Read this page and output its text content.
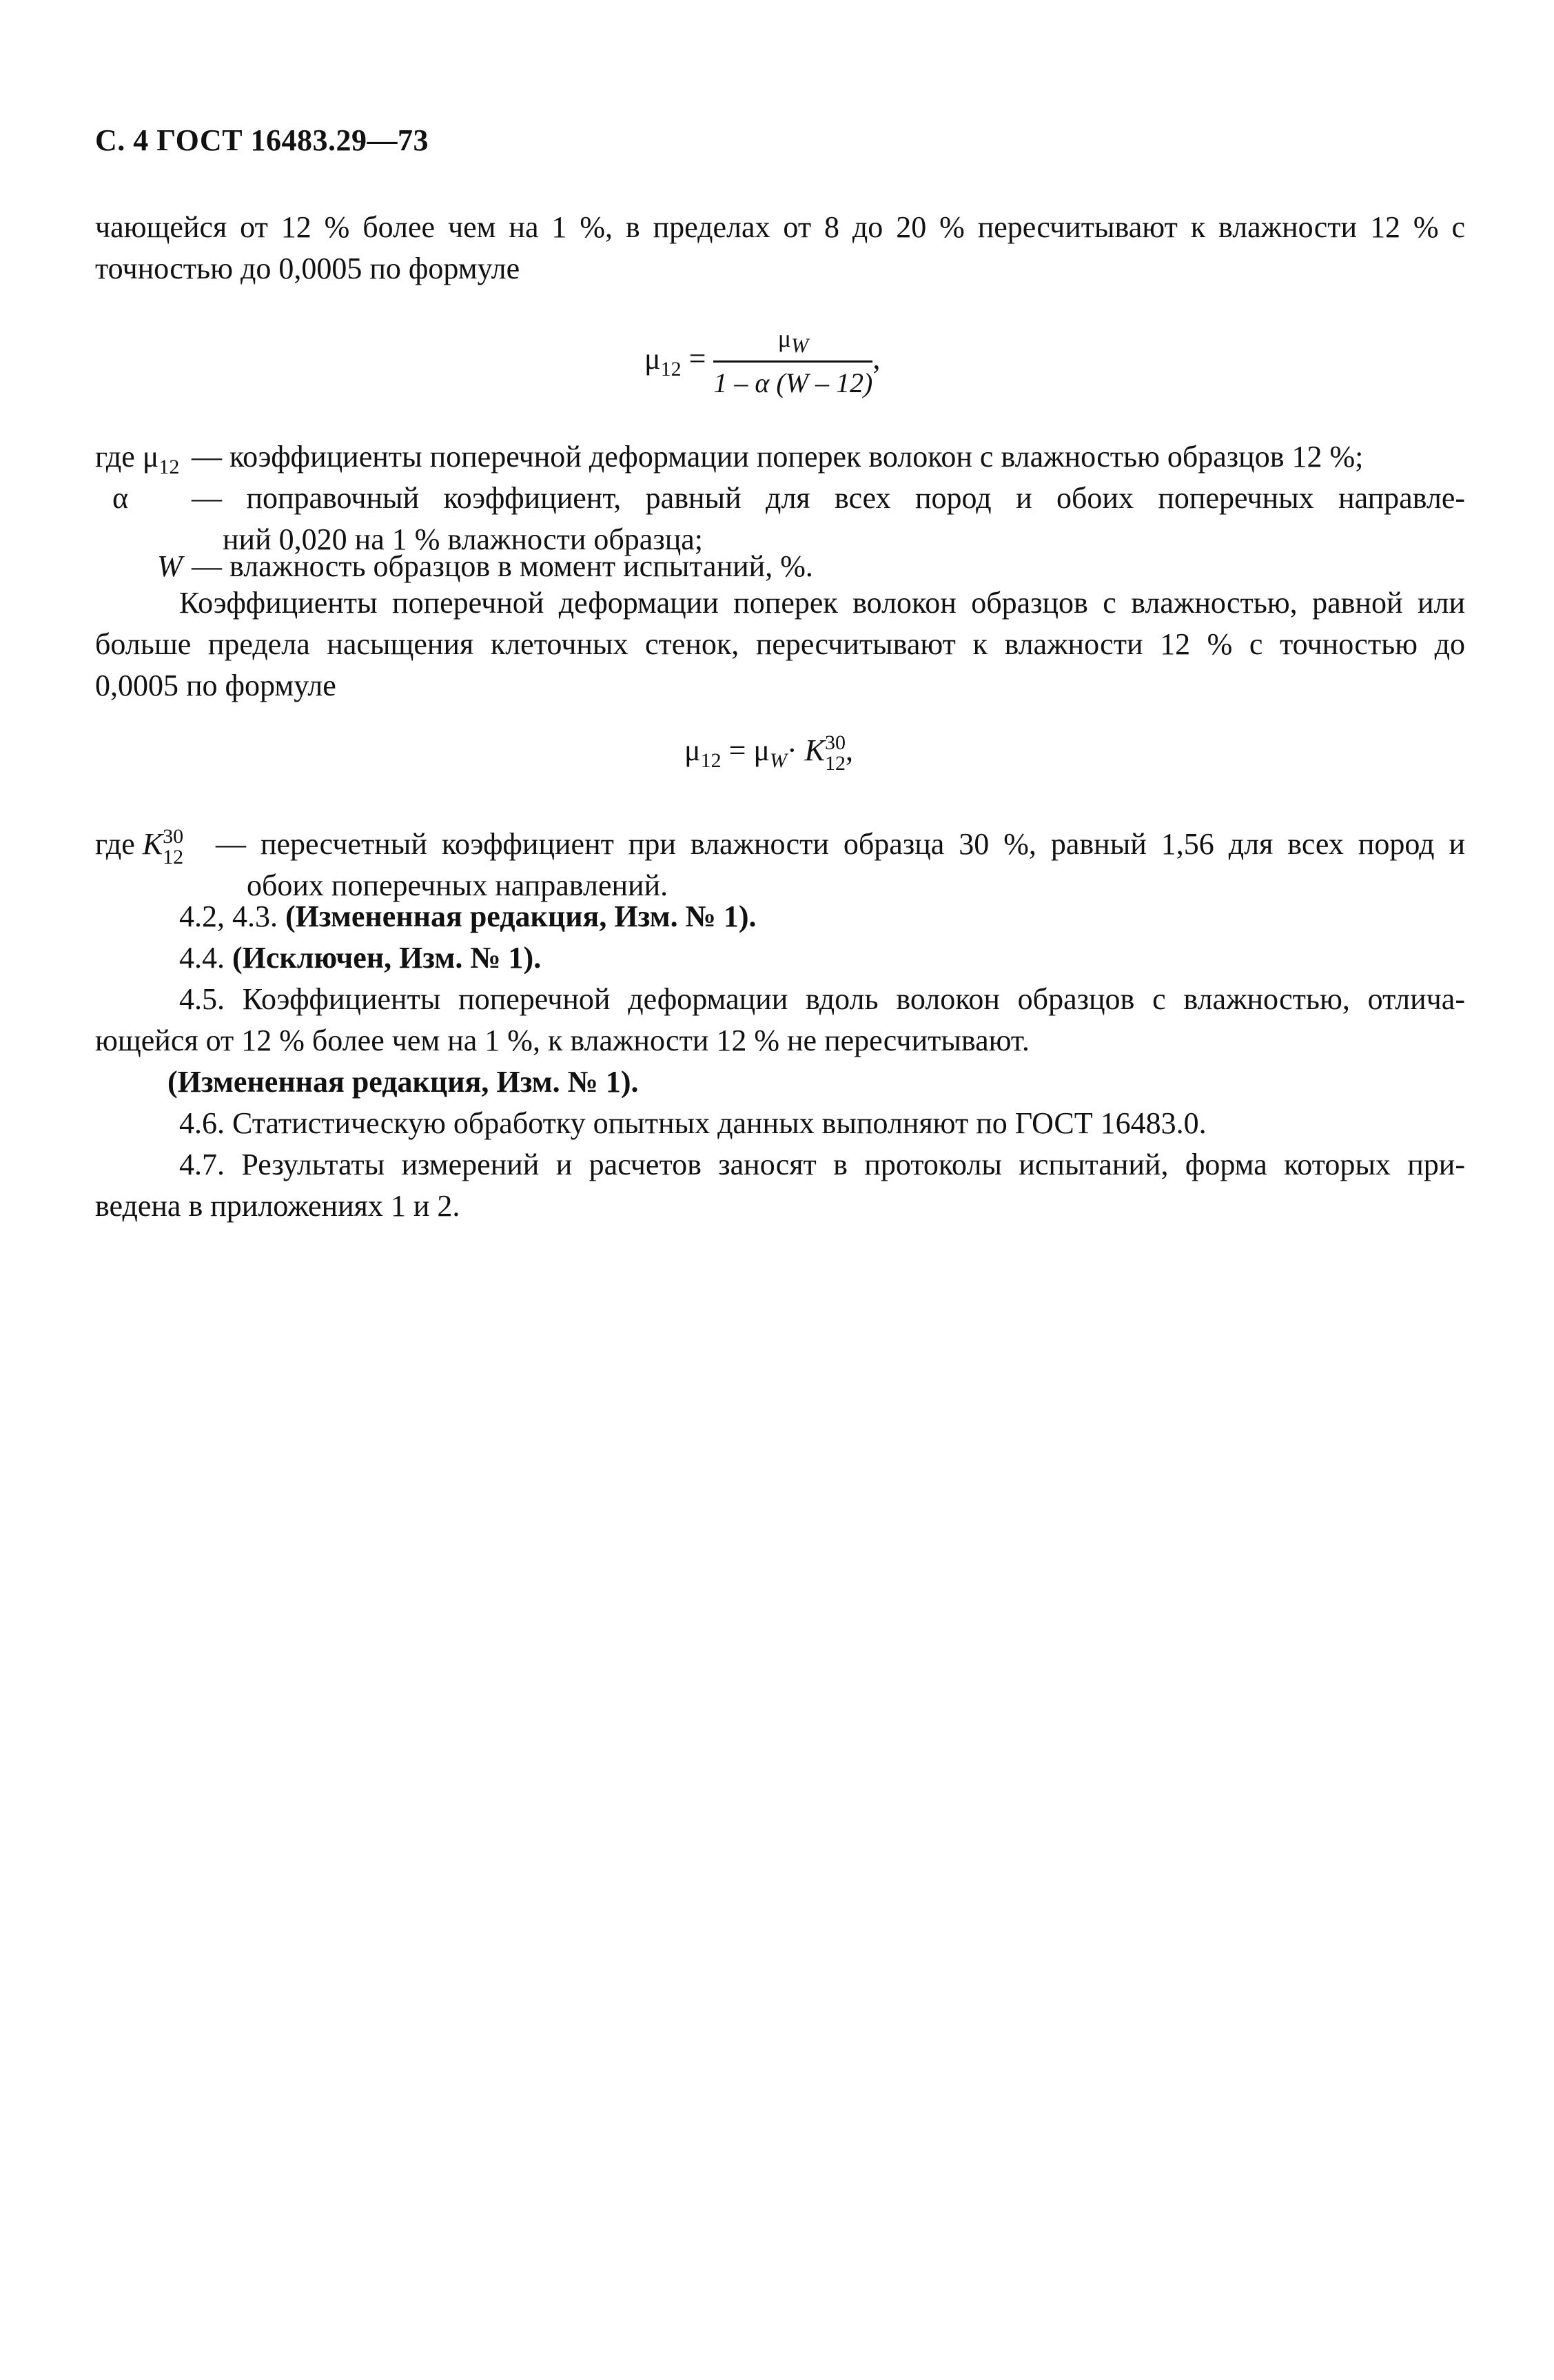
С. 4 ГОСТ 16483.29—73
чающейся от 12 % более чем на 1 %, в пределах от 8 до 20 % пересчитывают к влажности 12 % с
точностью до 0,0005 по формуле
$\mu_{12} = \frac{\mu_W}{1 - \alpha (W - 12)}$ ,
где $\mu_{12}$ — коэффициенты поперечной деформации поперек волокон с влажностью образцов 12 %;
α — поправочный коэффициент, равный для всех пород и обоих поперечных направле-
ний 0,020 на 1 % влажности образца;
W — влажность образцов в момент испытаний, %.
Коэффициенты поперечной деформации поперек волокон образцов с влажностью, равной или
больше предела насыщения клеточных стенок, пересчитывают к влажности 12 % с точностью до
0,0005 по формуле
$\mu_{12} = \mu_W\cdot K$ 30
12 ,
где K 30
12 — пересчетный коэффициент при влажности образца 30 %, равный 1,56 для всех пород и
обоих поперечных направлений.
4.2, 4.3. (Измененная редакция, Изм. № 1).
4.4. (Исключен, Изм. № 1).
4.5. Коэффициенты поперечной деформации вдоль волокон образцов с влажностью, отлича-
ющейся от 12 % более чем на 1 %, к влажности 12 % не пересчитывают.
(Измененная редакция, Изм. № 1).
4.6. Статистическую обработку опытных данных выполняют по ГОСТ 16483.0.
4.7. Результаты измерений и расчетов заносят в протоколы испытаний, форма которых при-
ведена в приложениях 1 и 2.
